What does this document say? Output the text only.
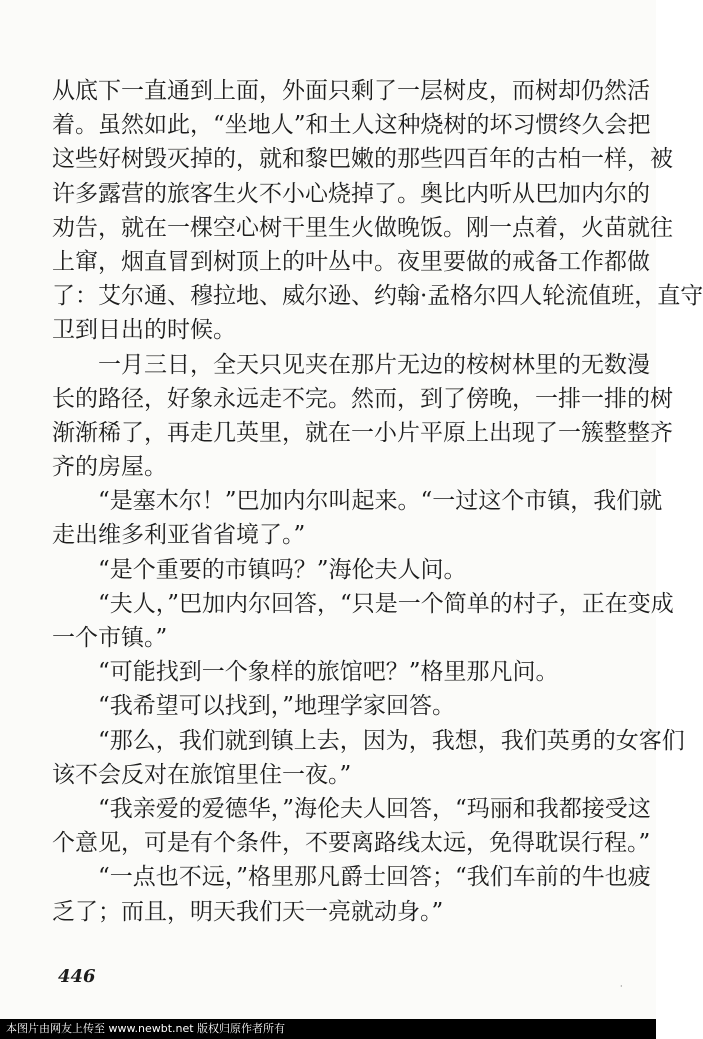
从底下一直通到上面，外面只剩了一层树皮，而树却仍然活
着。虽然如此，“坐地人”和土人这种烧树的坏习惯终久会把
这些好树毁灭掉的，就和黎巴嫩的那些四百年的古柏一样，被
许多露营的旅客生火不小心烧掉了。奥比内听从巴加内尔的
劝告，就在一棵空心树干里生火做晚饭。刚一点着，火苗就往
上窜，烟直冒到树顶上的叶丛中。夜里要做的戒备工作都做
了：艾尔通、穆拉地、威尔逊、约翰·孟格尔四人轮流值班，直守
卫到日出的时候。
　　一月三日，全天只见夹在那片无边的桉树林里的无数漫
长的路径，好象永远走不完。然而，到了傍晚，一排一排的树
渐渐稀了，再走几英里，就在一小片平原上出现了一簇整整齐
齐的房屋。
　　“是塞木尔！”巴加内尔叫起来。“一过这个市镇，我们就
走出维多利亚省省境了。”
　　“是个重要的市镇吗？”海伦夫人问。
　　“夫人，”巴加内尔回答，“只是一个简单的村子，正在变成
一个市镇。”
　　“可能找到一个象样的旅馆吧？”格里那凡问。
　　“我希望可以找到，”地理学家回答。
　　“那么，我们就到镇上去，因为，我想，我们英勇的女客们
该不会反对在旅馆里住一夜。”
　　“我亲爱的爱德华，”海伦夫人回答，“玛丽和我都接受这
个意见，可是有个条件，不要离路线太远，免得耽误行程。”
　　“一点也不远，”格里那凡爵士回答；“我们车前的牛也疲
乏了；而且，明天我们天一亮就动身。”
446	·
本图片由网友上传至 www.newbt.net 版权归原作者所有
